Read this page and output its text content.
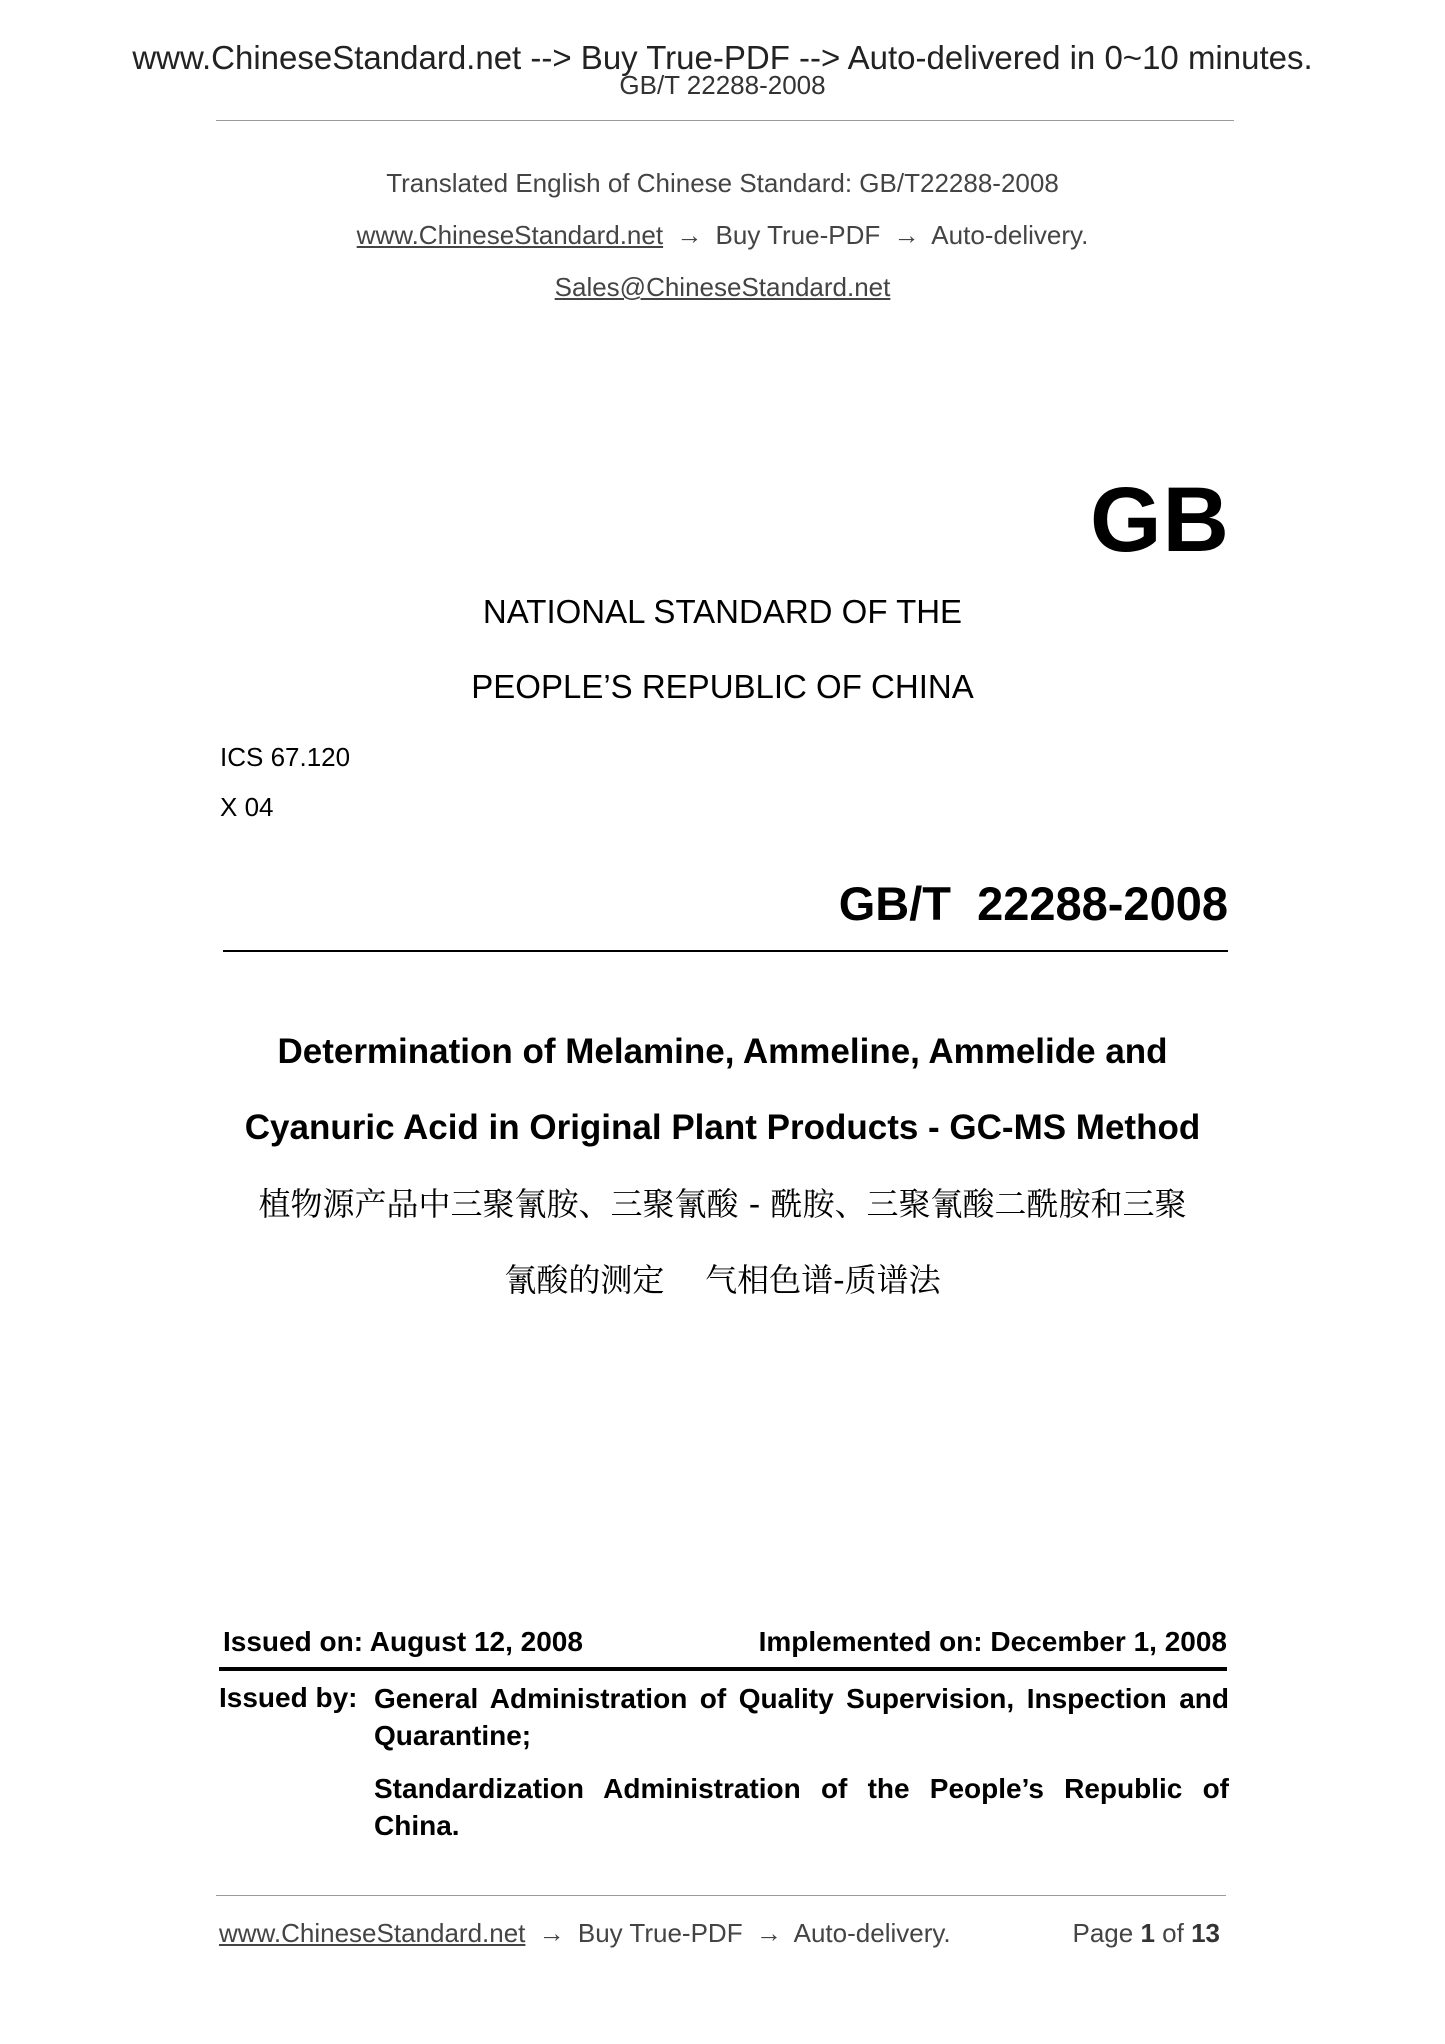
www.ChineseStandard.net --> Buy True-PDF --> Auto-delivered in 0~10 minutes.
GB/T 22288-2008
Translated English of Chinese Standard: GB/T22288-2008
www.ChineseStandard.net → Buy True-PDF → Auto-delivery.
Sales@ChineseStandard.net
GB
NATIONAL STANDARD OF THE
PEOPLE’S REPUBLIC OF CHINA
ICS 67.120
X 04
GB/T  22288-2008
Determination of Melamine, Ammeline, Ammelide and
Cyanuric Acid in Original Plant Products - GC-MS Method
植物源产品中三聚氰胺、三聚氰酸 - 酰胺、三聚氰酸二酰胺和三聚
氰酸的测定    气相色谱-质谱法
Issued on: August 12, 2008	Implemented on: December 1, 2008
Issued by: General Administration of Quality Supervision, Inspection and Quarantine;
Standardization Administration of the People’s Republic of China.
www.ChineseStandard.net → Buy True-PDF → Auto-delivery.	Page 1 of 13
